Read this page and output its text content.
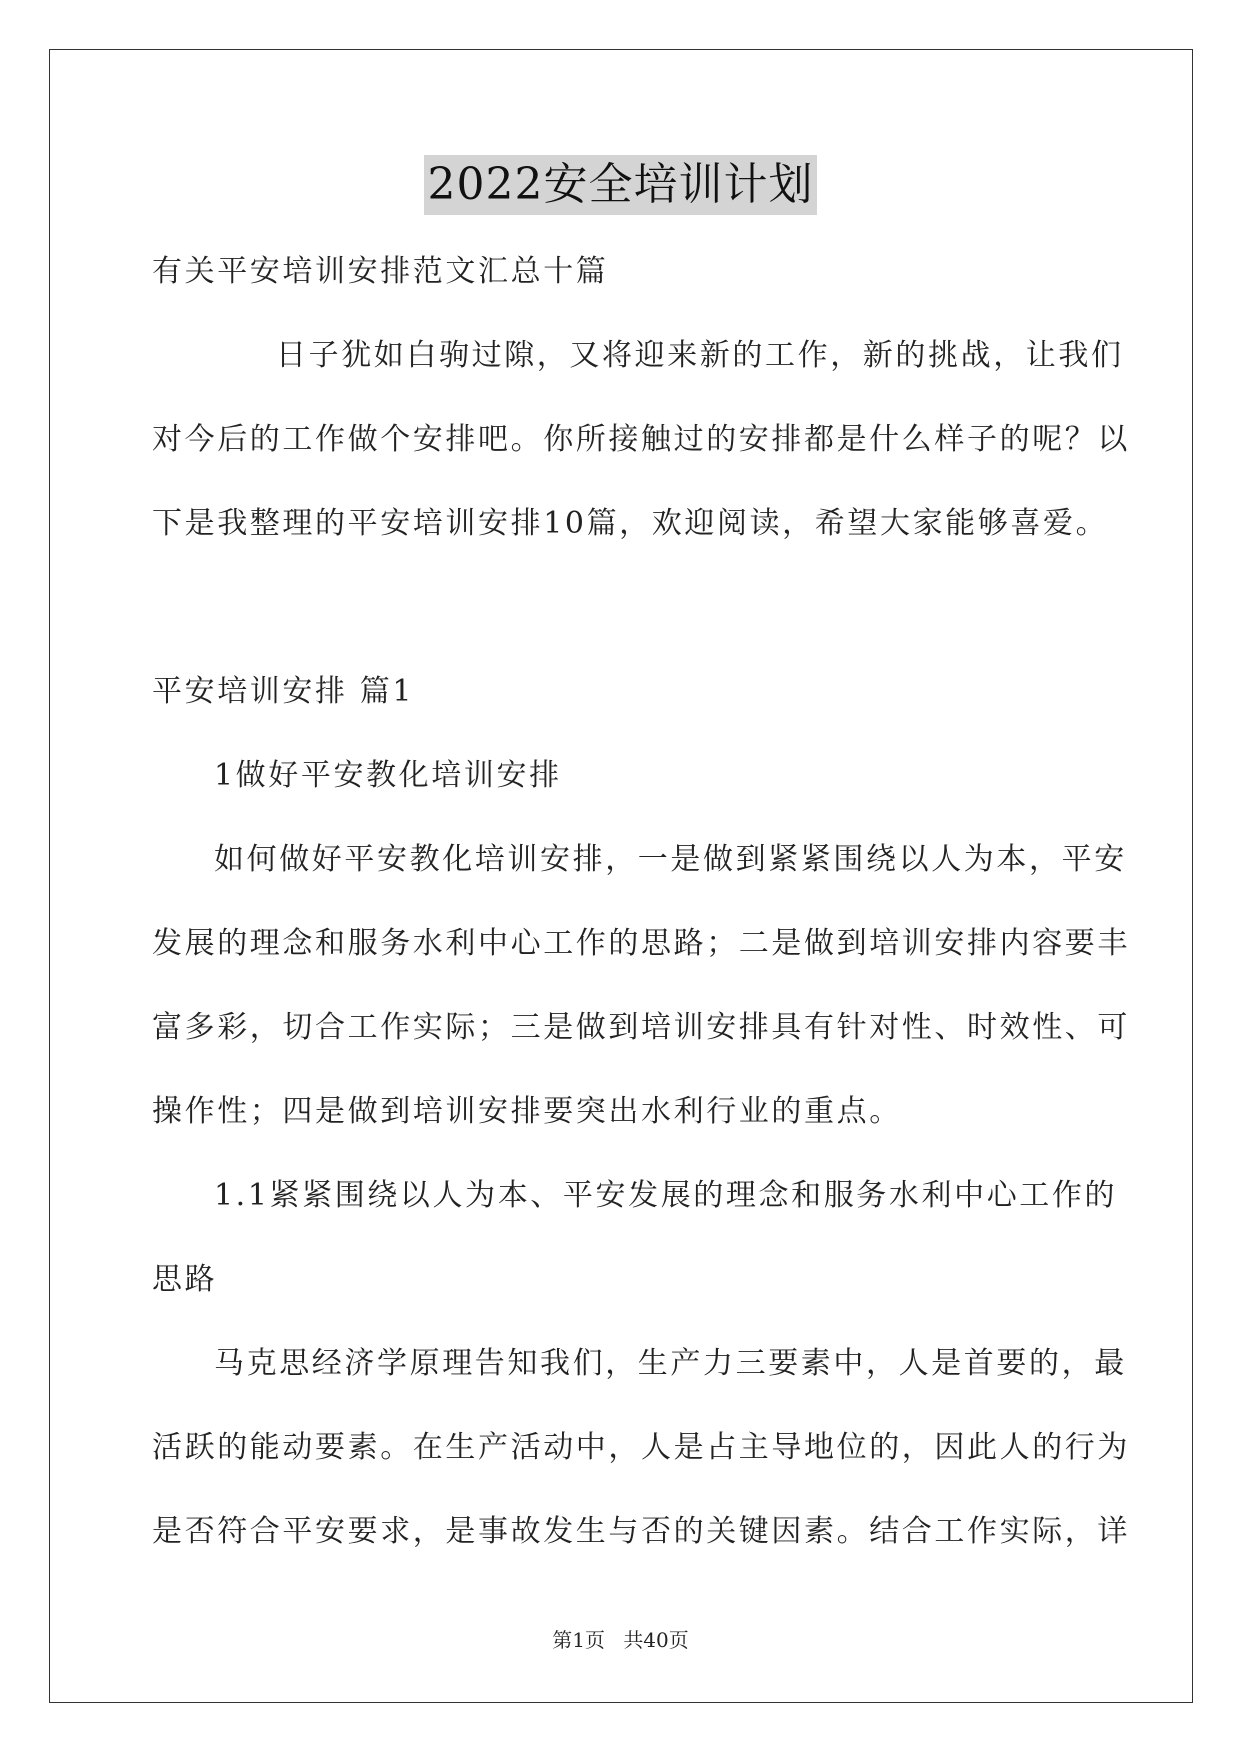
2022安全培训计划
有关平安培训安排范文汇总十篇
日子犹如白驹过隙，又将迎来新的工作，新的挑战，让我们
对今后的工作做个安排吧。你所接触过的安排都是什么样子的呢？以
下是我整理的平安培训安排10篇，欢迎阅读，希望大家能够喜爱。
平安培训安排 篇1
1做好平安教化培训安排
如何做好平安教化培训安排，一是做到紧紧围绕以人为本，平安
发展的理念和服务水利中心工作的思路；二是做到培训安排内容要丰
富多彩，切合工作实际；三是做到培训安排具有针对性、时效性、可
操作性；四是做到培训安排要突出水利行业的重点。
1.1紧紧围绕以人为本、平安发展的理念和服务水利中心工作的
思路
马克思经济学原理告知我们，生产力三要素中，人是首要的，最
活跃的能动要素。在生产活动中，人是占主导地位的，因此人的行为
是否符合平安要求，是事故发生与否的关键因素。结合工作实际，详
第1页 共40页
